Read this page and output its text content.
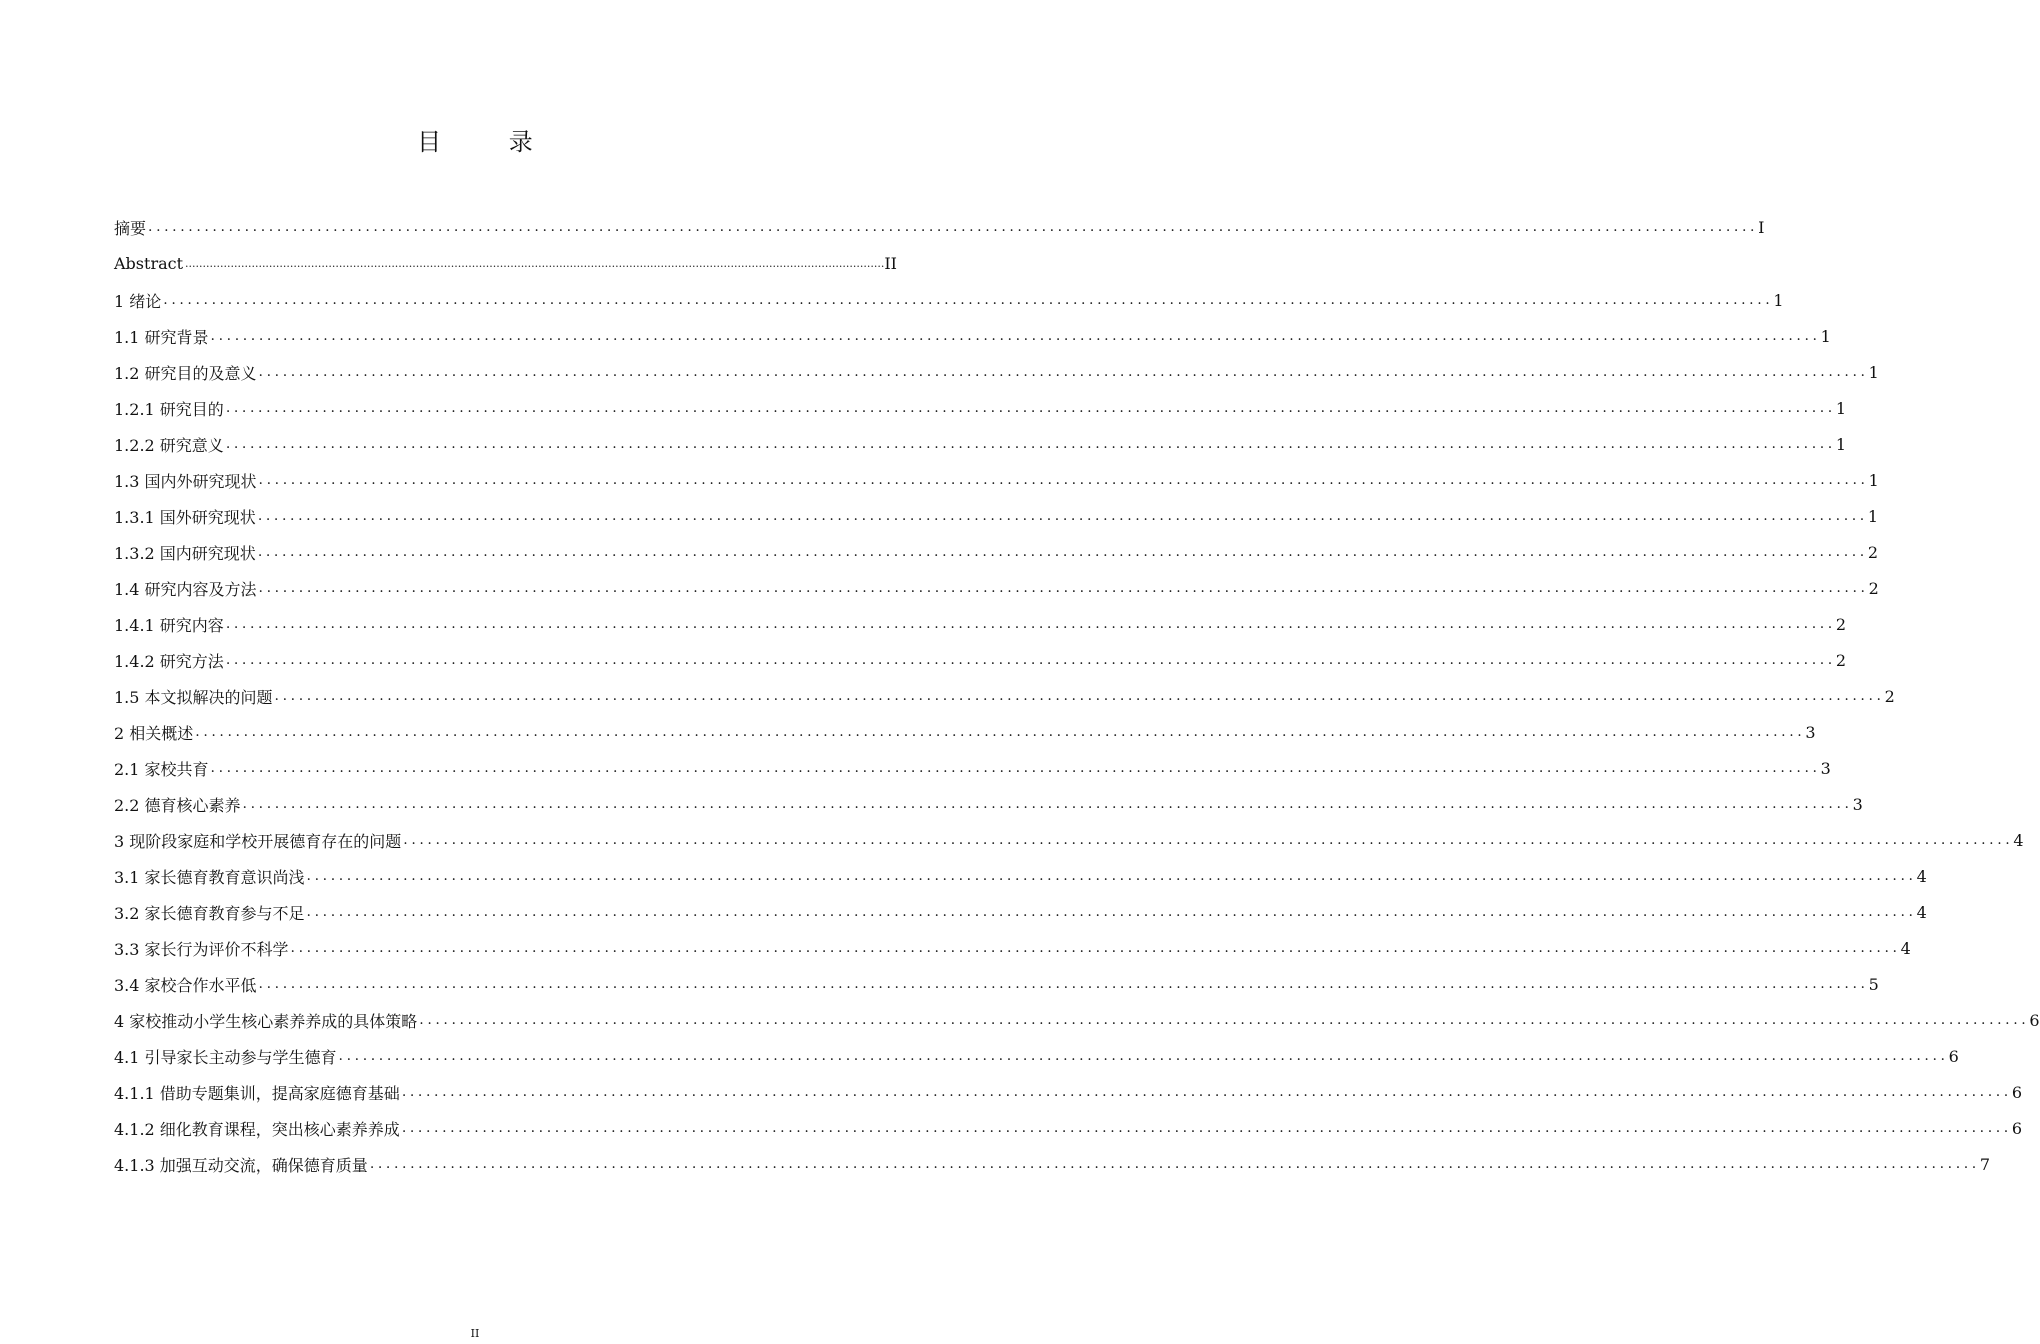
目 录
摘要 ........................................................................................................................................................................................................ I
Abstract ........................................................................................................................................................................................................ II
1 绪论 ........................................................................................................................................................................................................ 1
1.1 研究背景 ........................................................................................................................................................................................................ 1
1.2 研究目的及意义 ........................................................................................................................................................................................................ 1
1.2.1 研究目的 ........................................................................................................................................................................................................ 1
1.2.2 研究意义 ........................................................................................................................................................................................................ 1
1.3 国内外研究现状 ........................................................................................................................................................................................................ 1
1.3.1 国外研究现状 ........................................................................................................................................................................................................ 1
1.3.2 国内研究现状 ........................................................................................................................................................................................................ 2
1.4 研究内容及方法 ........................................................................................................................................................................................................ 2
1.4.1 研究内容 ........................................................................................................................................................................................................ 2
1.4.2 研究方法 ........................................................................................................................................................................................................ 2
1.5 本文拟解决的问题 ........................................................................................................................................................................................................ 2
2 相关概述 ........................................................................................................................................................................................................ 3
2.1 家校共育 ........................................................................................................................................................................................................ 3
2.2 德育核心素养 ........................................................................................................................................................................................................ 3
3 现阶段家庭和学校开展德育存在的问题 ........................................................................................................................................................................................................ 4
3.1 家长德育教育意识尚浅 ........................................................................................................................................................................................................ 4
3.2 家长德育教育参与不足 ........................................................................................................................................................................................................ 4
3.3 家长行为评价不科学 ........................................................................................................................................................................................................ 4
3.4 家校合作水平低 ........................................................................................................................................................................................................ 5
4 家校推动小学生核心素养养成的具体策略 ........................................................................................................................................................................................................ 6
4.1 引导家长主动参与学生德育 ........................................................................................................................................................................................................ 6
4.1.1 借助专题集训，提高家庭德育基础 ........................................................................................................................................................................................................ 6
4.1.2 细化教育课程，突出核心素养养成 ........................................................................................................................................................................................................ 6
4.1.3 加强互动交流，确保德育质量 ........................................................................................................................................................................................................ 7
II
